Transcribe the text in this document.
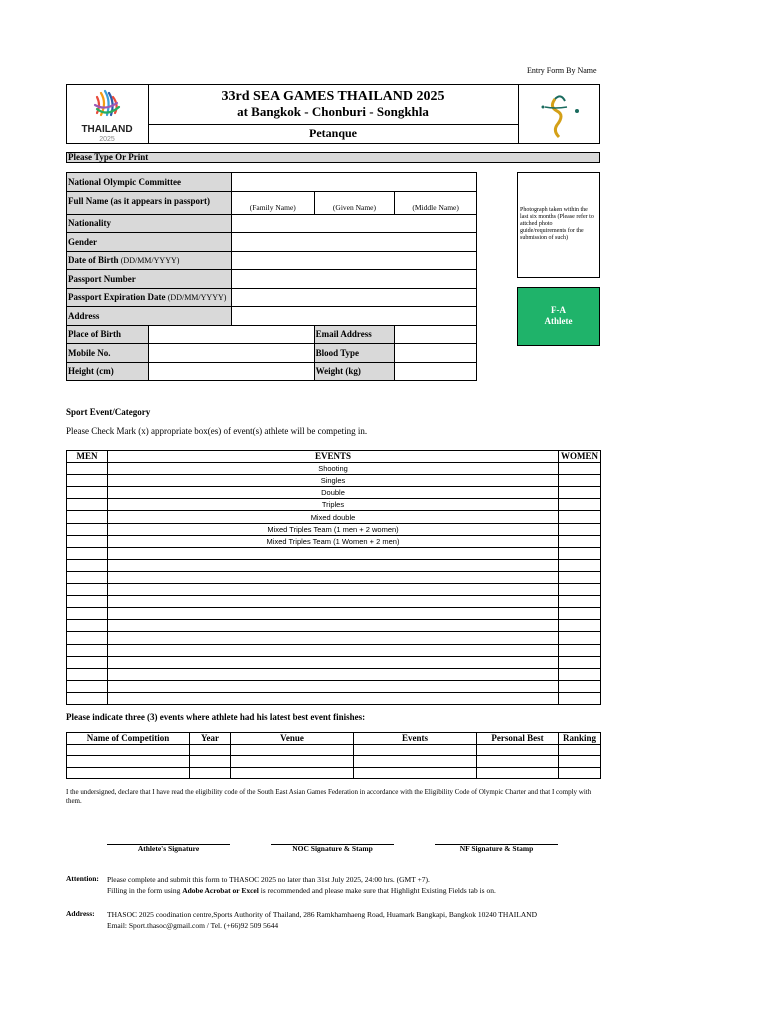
Entry Form By Name
THAILAND
2025
33rd SEA GAMES THAILAND 2025
at Bangkok - Chonburi - Songkhla
Petanque
Please Type Or Print
National Olympic Committee				
Full Name (as it appears in passport)		(Family Name)	(Given Name)	(Middle Name)
Nationality				
Gender				
Date of Birth (DD/MM/YYYY)				
Passport Number				
Passport Expiration Date (DD/MM/YYYY)				
Address				
Place of Birth			Email Address	
Mobile No.			Blood Type	
Height (cm)			Weight (kg)	
Photograph taken within the last six months (Please refer to attched photo guide/requirements for the submission of such)
F-A
Athlete
Sport Event/Category
Please Check Mark (x) appropriate box(es) of event(s) athlete will be competing in.
MEN	EVENTS	WOMEN
	Shooting	
	Singles	
	Double	
	Triples	
	Mixed double	
	Mixed Triples Team (1 men + 2 women)	
	Mixed Triples Team (1 Women + 2 men)	

Please indicate three (3) events where athlete had his latest best event finishes:
Name of Competition	Year	Venue	Events	Personal Best	Ranking

I the undersigned, declare that I have read the eligibility code of the South East Asian Games Federation in accordance with the Eligibility Code of Olympic Charter and that I comply with them.
Athlete's Signature	NOC Signature & Stamp	NF Signature & Stamp
Attention: Please complete and submit this form to THASOC 2025 no later than 31st July 2025, 24:00 hrs. (GMT +7).
Filling in the form using Adobe Acrobat or Excel is recommended and please make sure that Highlight Existing Fields tab is on.
Address: THASOC 2025 coodination centre,Sports Authority of Thailand, 286 Ramkhamhaeng Road, Huamark Bangkapi, Bangkok 10240 THAILAND
Email: Sport.thasoc@gmail.com / Tel. (+66)92 509 5644
